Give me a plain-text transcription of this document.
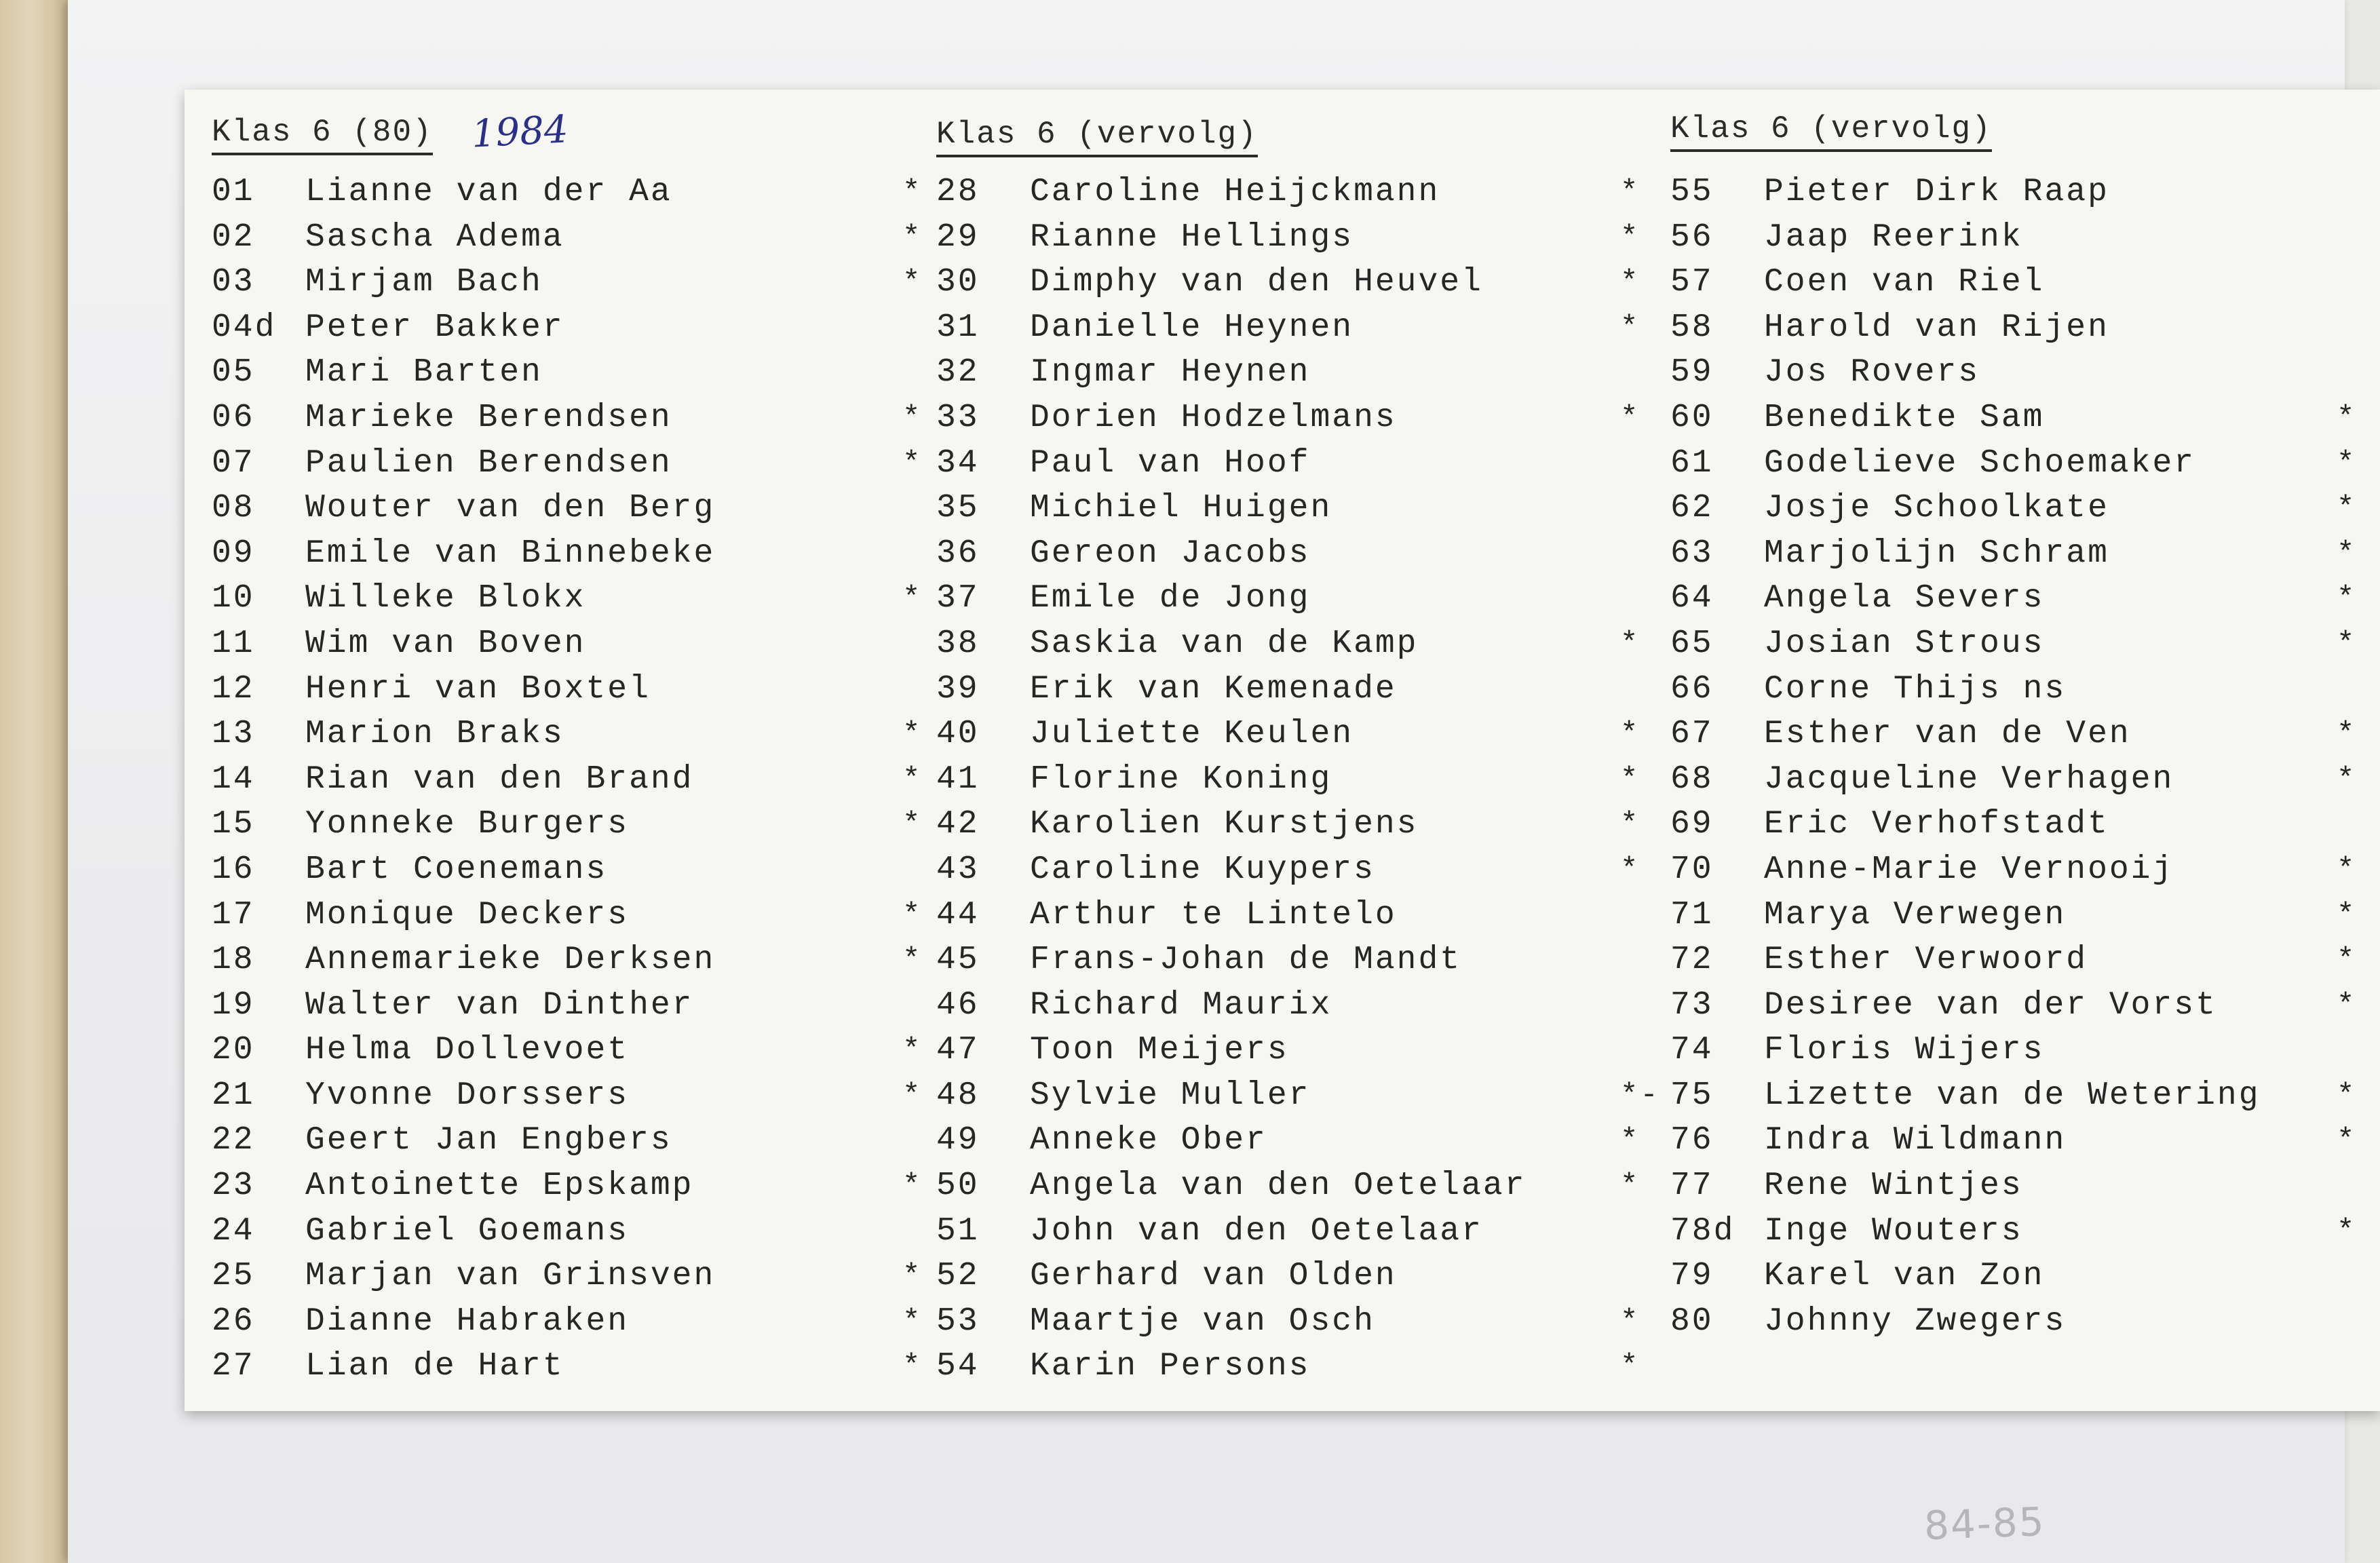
Klas 6 (80) 1984
01	Lianne van der Aa	*
02	Sascha Adema	*
03	Mirjam Bach	*
04d Peter Bakker
05	Mari Barten
06	Marieke Berendsen	*
07	Paulien Berendsen	*
08	Wouter van den Berg
09	Emile van Binnebeke
10	Willeke Blokx	*
11	Wim van Boven
12	Henri van Boxtel
13	Marion Braks	*
14	Rian van den Brand	*
15	Yonneke Burgers	*
16	Bart Coenemans
17	Monique Deckers	*
18	Annemarieke Derksen	*
19	Walter van Dinther
20	Helma Dollevoet	*
21	Yvonne Dorssers	*
22	Geert Jan Engbers
23	Antoinette Epskamp	*
24	Gabriel Goemans
25	Marjan van Grinsven	*
26	Dianne Habraken	*
27	Lian de Hart	*
Klas 6 (vervolg)
28	Caroline Heijckmann	*
29	Rianne Hellings	*
30	Dimphy van den Heuvel	*
31	Danielle Heynen	*
32	Ingmar Heynen
33	Dorien Hodzelmans	*
34	Paul van Hoof
35	Michiel Huigen
36	Gereon Jacobs
37	Emile de Jong
38	Saskia van de Kamp	*
39	Erik van Kemenade
40	Juliette Keulen	*
41	Florine Koning	*
42	Karolien Kurstjens	*
43	Caroline Kuypers	*
44	Arthur te Lintelo
45	Frans-Johan de Mandt
46	Richard Maurix
47	Toon Meijers
48	Sylvie Muller	*-
49	Anneke Ober	*
50	Angela van den Oetelaar	*
51	John van den Oetelaar
52	Gerhard van Olden
53	Maartje van Osch	*
54	Karin Persons	*
Klas 6 (vervolg)
55	Pieter Dirk Raap
56	Jaap Reerink
57	Coen van Riel
58	Harold van Rijen
59	Jos Rovers
60	Benedikte Sam	*
61	Godelieve Schoemaker	*
62	Josje Schoolkate	*
63	Marjolijn Schram	*
64	Angela Severs	*
65	Josian Strous	*
66	Corne Thijs ns
67	Esther van de Ven	*
68	Jacqueline Verhagen	*
69	Eric Verhofstadt
70	Anne-Marie Vernooij	*
71	Marya Verwegen	*
72	Esther Verwoord	*
73	Desiree van der Vorst	*
74	Floris Wijers
75	Lizette van de Wetering	*
76	Indra Wildmann	*
77	Rene Wintjes
78d Inge Wouters	*
79	Karel van Zon
80	Johnny Zwegers
84-85
